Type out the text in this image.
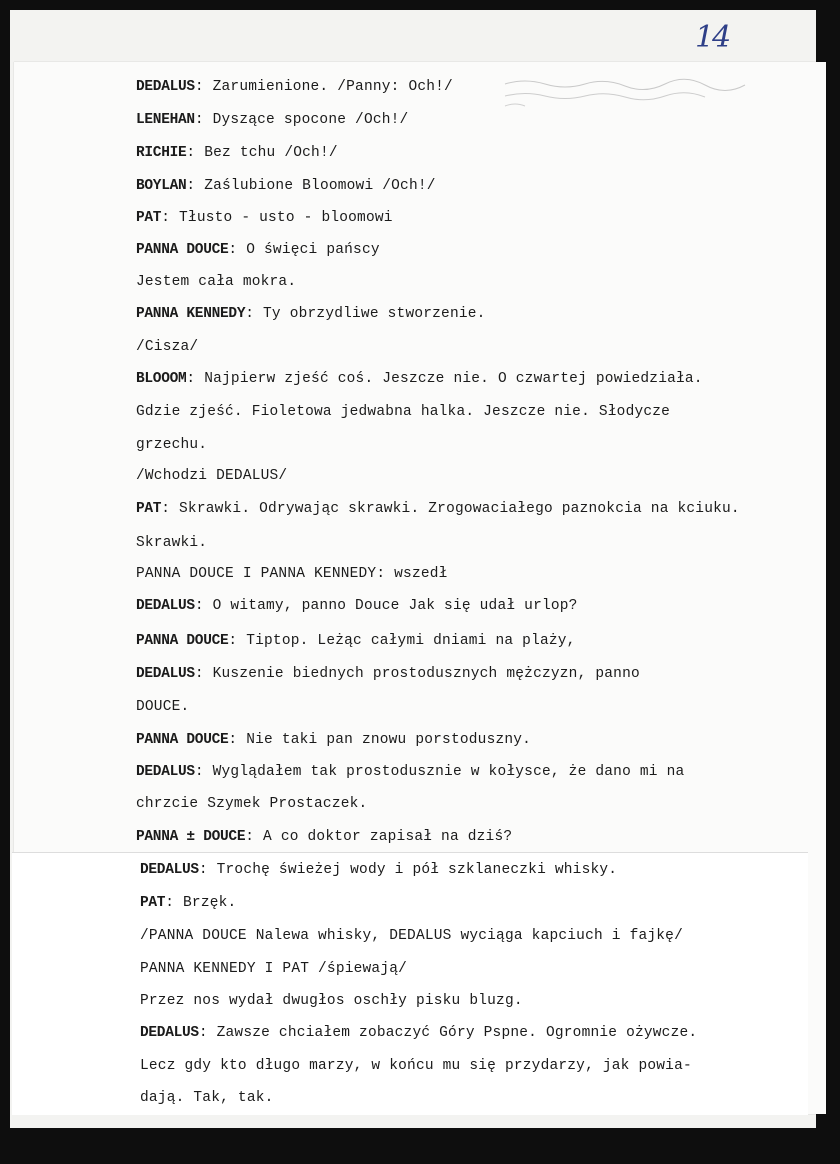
14
DEDALUS: Zarumienione. /Panny: Och!/
LENEHAN: Dyszące spocone /Och!/
RICHIE: Bez tchu /Och!/
BOYLAN: Zaślubione Bloomowi /Och!/
PAT: Tłusto - usto - bloomowi
PANNA DOUCE: O święci pańscy
Jestem cała mokra.
PANNA KENNEDY: Ty obrzydliwe stworzenie.
/Cisza/
BLOOOM: Najpierw zjeść coś. Jeszcze nie. O czwartej powiedziała.
Gdzie zjeść. Fioletowa jedwabna halka. Jeszcze nie. Słodycze
grzechu.
/Wchodzi DEDALUS/
PAT: Skrawki. Odrywając skrawki. Zrogowaciałego paznokcia na kciuku.
Skrawki.
PANNA DOUCE I PANNA KENNEDY: wszedł
DEDALUS: O witamy, panno Douce Jak się udał urlop?
PANNA DOUCE: Tiptop. Leżąc całymi dniami na plaży,
DEDALUS: Kuszenie biednych prostodusznych mężczyzn, panno
DOUCE.
PANNA DOUCE: Nie taki pan znowu porstoduszny.
DEDALUS: Wyglądałem tak prostodusznie w kołysce, że dano mi na
chrzcie Szymek Prostaczek.
PANNA ± DOUCE: A co doktor zapisał na dziś?
DEDALUS: Trochę świeżej wody i pół szklaneczki whisky.
PAT: Brzęk.
/PANNA DOUCE Nalewa whisky, DEDALUS wyciąga kapciuch i fajkę/
PANNA KENNEDY I PAT /śpiewają/
Przez nos wydał dwugłos oschły pisku bluzg.
DEDALUS: Zawsze chciałem zobaczyć Góry Pspne. Ogromnie ożywcze.
Lecz gdy kto długo marzy, w końcu mu się przydarzy, jak powia-
dają. Tak, tak.
